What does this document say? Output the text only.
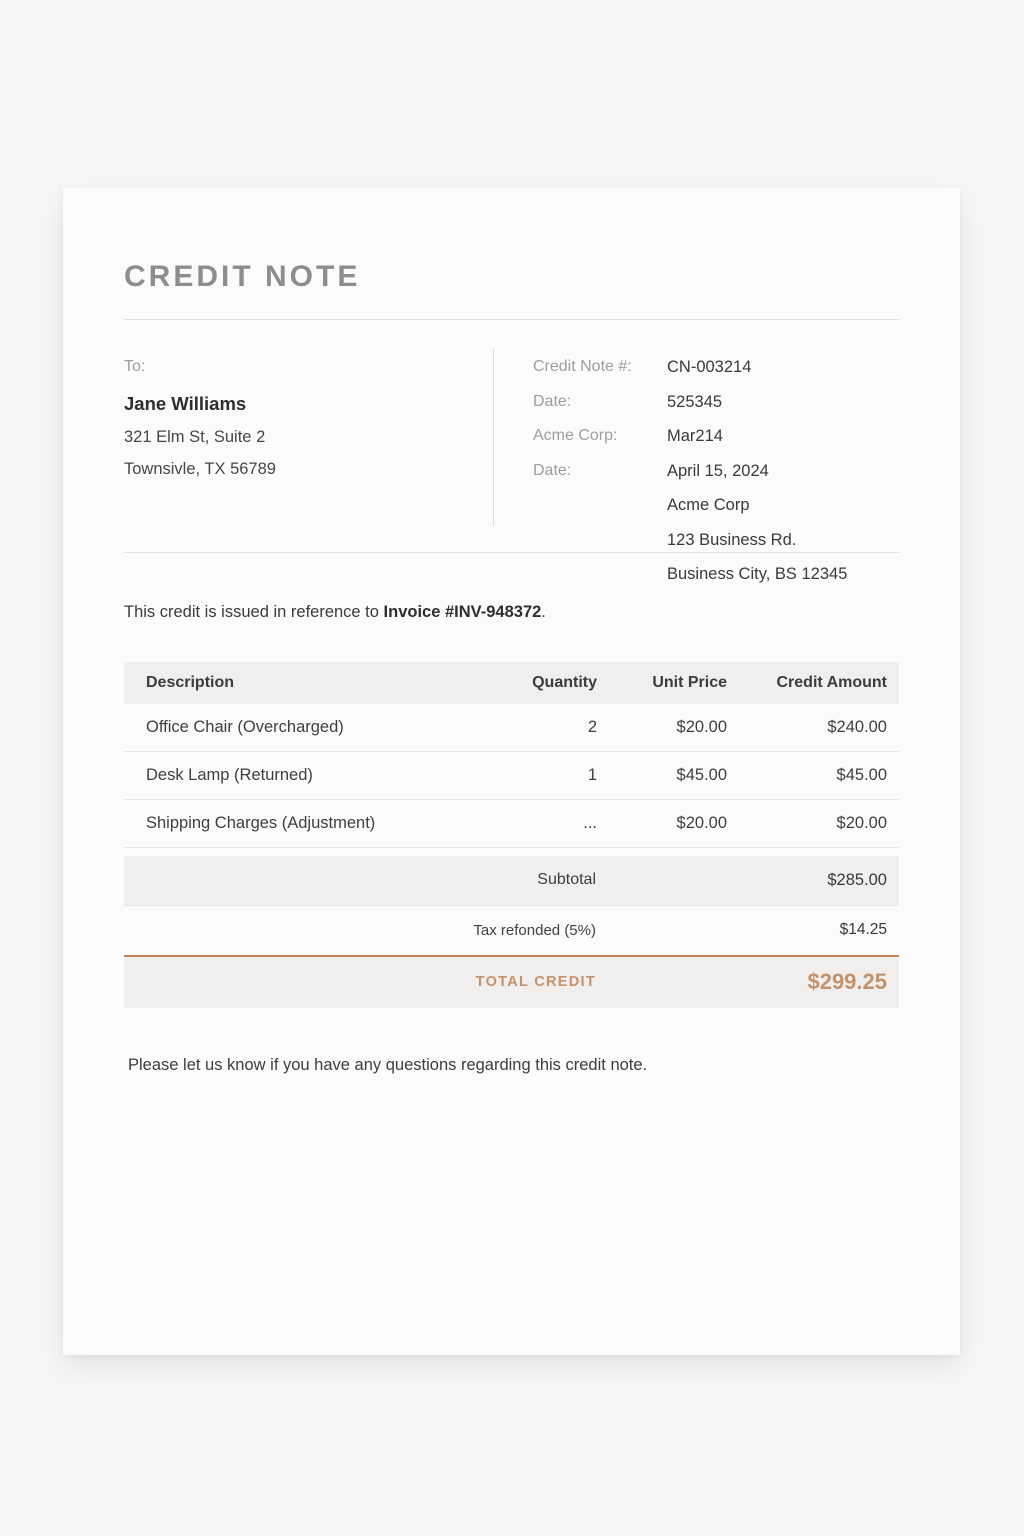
CREDIT NOTE
To:
Jane Williams
321 Elm St, Suite 2
Townsivle, TX 56789
Credit Note #:	CN-003214
Date:	525345
Acme Corp:	Mar214
Date:	April 15, 2024
Acme Corp
123 Business Rd.
Business City, BS 12345
This credit is issued in reference to Invoice #INV-948372.
Description	Quantity	Unit Price	Credit Amount
Office Chair (Overcharged)	2	$20.00	$240.00
Desk Lamp (Returned)	1	$45.00	$45.00
Shipping Charges (Adjustment)	...	$20.00	$20.00
Subtotal	$285.00
Tax refonded (5%)	$14.25
TOTAL CREDIT	$299.25
Please let us know if you have any questions regarding this credit note.
